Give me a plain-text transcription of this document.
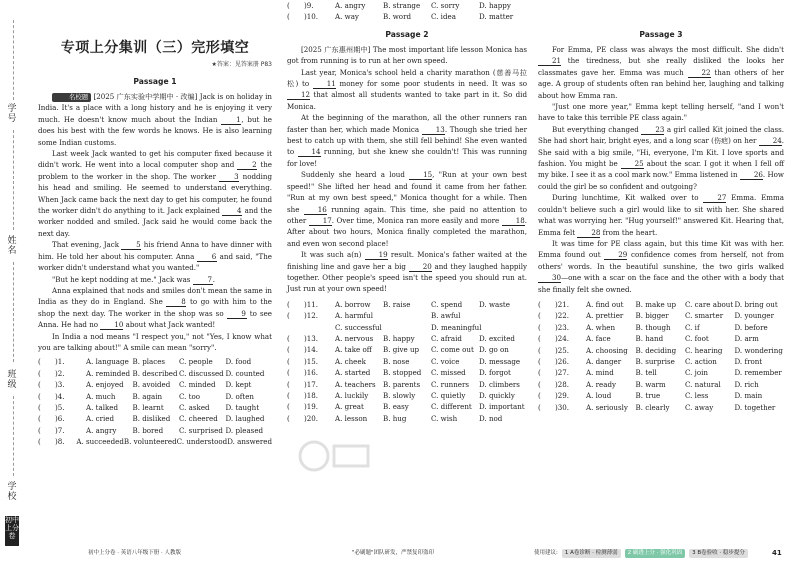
学号
姓名
班级
学校
初中上分卷
专项上分集训（三）完形填空
★答案：见答案册 P83
Passage 1

名校题 [2025 广东实验中学期中 · 改编] Jack is on holiday in India. It's a place with a long history and he is enjoying it very much. He doesn't know much about the Indian 1, but he does his best with the few words he knows. He is also learning some Indian customs.

Last week Jack wanted to get his computer fixed because it didn't work. He went into a local computer shop and 2 the problem to the worker in the shop. The worker 3 nodding his head and smiling. He seemed to understand everything. When Jack came back the next day to get his computer, he found the worker didn't do anything to it. Jack explained 4 and the worker nodded and smiled. Jack said he would come back the next day.

That evening, Jack 5 his friend Anna to have dinner with him. He told her about his computer. Anna 6 and said, "The worker didn't understand what you wanted."

"But he kept nodding at me." Jack was 7.

Anna explained that nods and smiles don't mean the same in India as they do in England. She 8 to go with him to the shop the next day. The worker in the shop was so 9 to see Anna. He had no 10 about what Jack wanted!

In India a nod means "I respect you," not "Yes, I know what you are talking about!" A smile can mean "sorry".

(　　)1.	A. language B. places	C. people	D. food
(　　)2.	A. reminded B. described C. discussed D. counted
(　　)3.	A. enjoyed	B. avoided	C. minded	D. kept
(　　)4.	A. much	B. again	C. too	D. often
(　　)5.	A. talked	B. learnt	C. asked	D. taught
(　　)6.	A. cried	B. disliked	C. cheered	D. laughed
(　　)7.	A. angry	B. bored	C. surprised D. pleased
(　　)8.	A. succeeded B. volunteered C. understood D. answered
(　　)9.	A. angry	B. strange	C. sorry	D. happy
(　　)10.	A. way	B. word	C. idea	D. matter
Passage 2

[2025 广东惠州期中] The most important life lesson Monica has got from running is to run at her own speed.

Last year, Monica's school held a charity marathon (慈善马拉松) to 11 money for some poor students in need. It was so 12 that almost all students wanted to take part in it. So did Monica.

At the beginning of the marathon, all the other runners ran faster than her, which made Monica 13. Though she tried her best to catch up with them, she still fell behind! She even wanted to 14 running, but she knew she couldn't! This was running for love!

Suddenly she heard a loud 15, "Run at your own best speed!" She lifted her head and found it came from her father. "Run at my own best speed," Monica thought for a while. Then she 16 running again. This time, she paid no attention to other 17. Over time, Monica ran more easily and more 18. After about two hours, Monica finally completed the marathon, and even won second place!

It was such a(n) 19 result. Monica's father waited at the finishing line and gave her a big 20 and they laughed happily together. Other people's speed isn't the speed you should run at. Just run at your own speed!

(　　)11.	A. borrow	B. raise	C. spend	D. waste
(　　)12.	A. harmful	B. awful
C. successful	D. meaningful
(　　)13.	A. nervous	B. happy	C. afraid	D. excited
(　　)14.	A. take off	B. give up	C. come out D. go on
(　　)15.	A. cheek	B. nose	C. voice	D. message
(　　)16.	A. started	B. stopped	C. missed	D. forgot
(　　)17.	A. teachers	B. parents	C. runners	D. climbers
(　　)18.	A. luckily	B. slowly	C. quietly	D. quickly
(　　)19.	A. great	B. easy	C. different	D. important
(　　)20.	A. lesson	B. hug	C. wish	D. nod
Passage 3

For Emma, PE class was always the most difficult. She didn't 21 the tiredness, but she really disliked the looks her classmates gave her. Emma was much 22 than others of her age. A group of students often ran behind her, laughing and talking about how Emma ran.

"Just one more year," Emma kept telling herself, "and I won't have to take this terrible PE class again."

But everything changed 23 a girl called Kit joined the class. She had short hair, bright eyes, and a long scar (伤疤) on her 24. She said with a big smile, "Hi, everyone, I'm Kit. I love sports and fashion. You might be 25 about the scar. I got it when I fell off my bike. I see it as a cool mark now." Emma listened in 26. How could the girl be so confident and outgoing?

During lunchtime, Kit walked over to 27 Emma. Emma couldn't believe such a girl would like to sit with her. She shared what was worrying her. "Hug yourself!" answered Kit. Hearing that, Emma felt 28 from the heart.

It was time for PE class again, but this time Kit was with her. Emma found out 29 confidence comes from herself, not from others' words. In the beautiful sunshine, the two girls walked 30—one with a scar on the face and the other with a body that she finally felt she owned.

(　　)21.	A. find out	B. make up	C. care about D. bring out
(　　)22.	A. prettier	B. bigger	C. smarter	D. younger
(　　)23.	A. when	B. though	C. if	D. before
(　　)24.	A. face	B. hand	C. foot	D. arm
(　　)25.	A. choosing	B. deciding	C. hearing	D. wondering
(　　)26.	A. danger	B. surprise	C. action	D. front
(　　)27.	A. mind	B. tell	C. join	D. remember
(　　)28.	A. ready	B. warm	C. natural	D. rich
(　　)29.	A. loud	B. true	C. less	D. main
(　　)30.	A. seriously	B. clearly	C. away	D. together
初中上分卷 · 英语八年级下册 · 人教版	"必刷题"团队研发，严禁复印盗印	使用建议:	1 A卷诊断 · 检测薄弱	2 刷透上分 · 强化巩固	3 B卷验收 · 稳步提分	41
